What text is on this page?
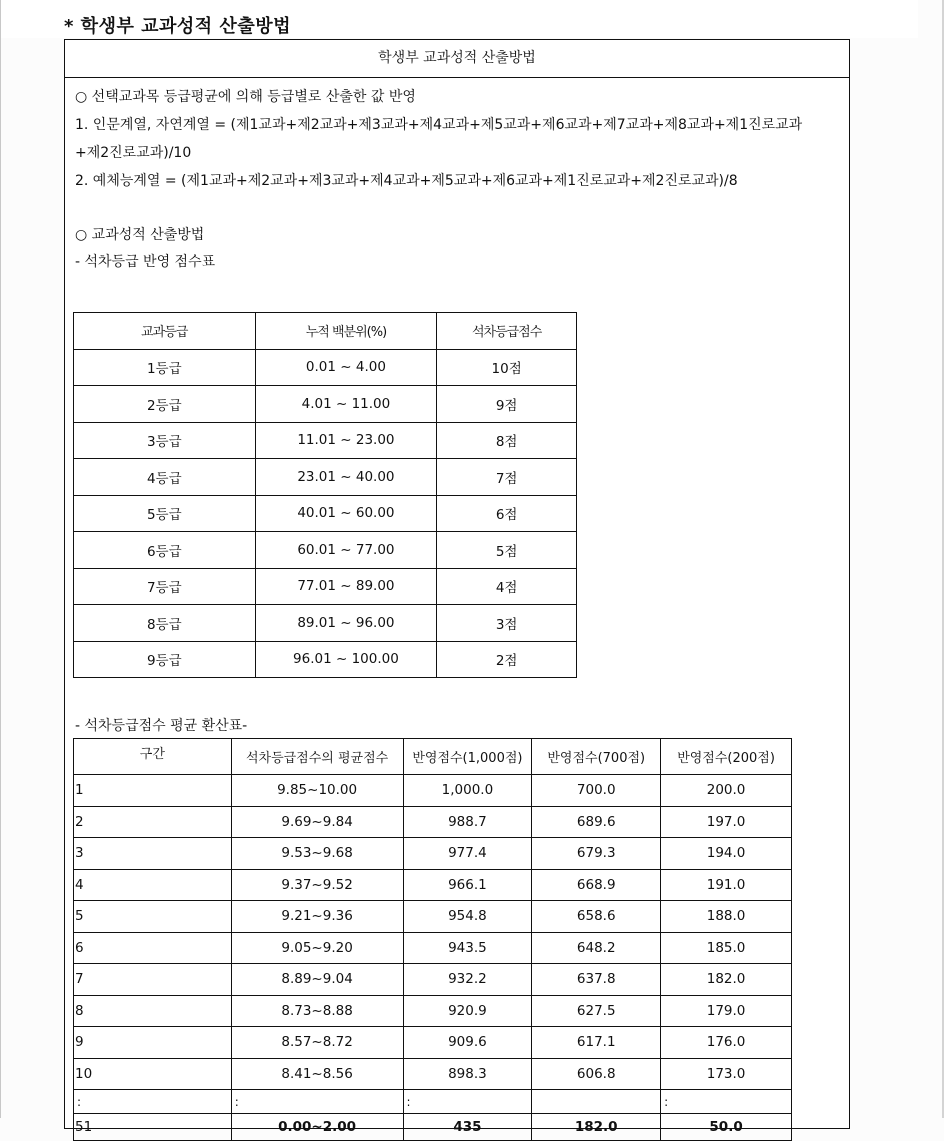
* 학생부 교과성적 산출방법
학생부 교과성적 산출방법
○ 선택교과목 등급평균에 의해 등급별로 산출한 값 반영
1. 인문계열, 자연계열 = (제1교과+제2교과+제3교과+제4교과+제5교과+제6교과+제7교과+제8교과+제1진로교과
+제2진로교과)/10
2. 예체능계열 = (제1교과+제2교과+제3교과+제4교과+제5교과+제6교과+제1진로교과+제2진로교과)/8
○ 교과성적 산출방법
- 석차등급 반영 점수표
교과등급	누적 백분위(%)	석차등급점수
1등급	0.01 ~ 4.00	10점
2등급	4.01 ~ 11.00	9점
3등급	11.01 ~ 23.00	8점
4등급	23.01 ~ 40.00	7점
5등급	40.01 ~ 60.00	6점
6등급	60.01 ~ 77.00	5점
7등급	77.01 ~ 89.00	4점
8등급	89.01 ~ 96.00	3점
9등급	96.01 ~ 100.00	2점
- 석차등급점수 평균 환산표-
구간	석차등급점수의 평균점수	반영점수(1,000점)	반영점수(700점)	반영점수(200점)
1	9.85~10.00	1,000.0	700.0	200.0
2	9.69~9.84	988.7	689.6	197.0
3	9.53~9.68	977.4	679.3	194.0
4	9.37~9.52	966.1	668.9	191.0
5	9.21~9.36	954.8	658.6	188.0
6	9.05~9.20	943.5	648.2	185.0
7	8.89~9.04	932.2	637.8	182.0
8	8.73~8.88	920.9	627.5	179.0
9	8.57~8.72	909.6	617.1	176.0
10	8.41~8.56	898.3	606.8	173.0
:	:	:		:
51	0.00~2.00	435	182.0	50.0
